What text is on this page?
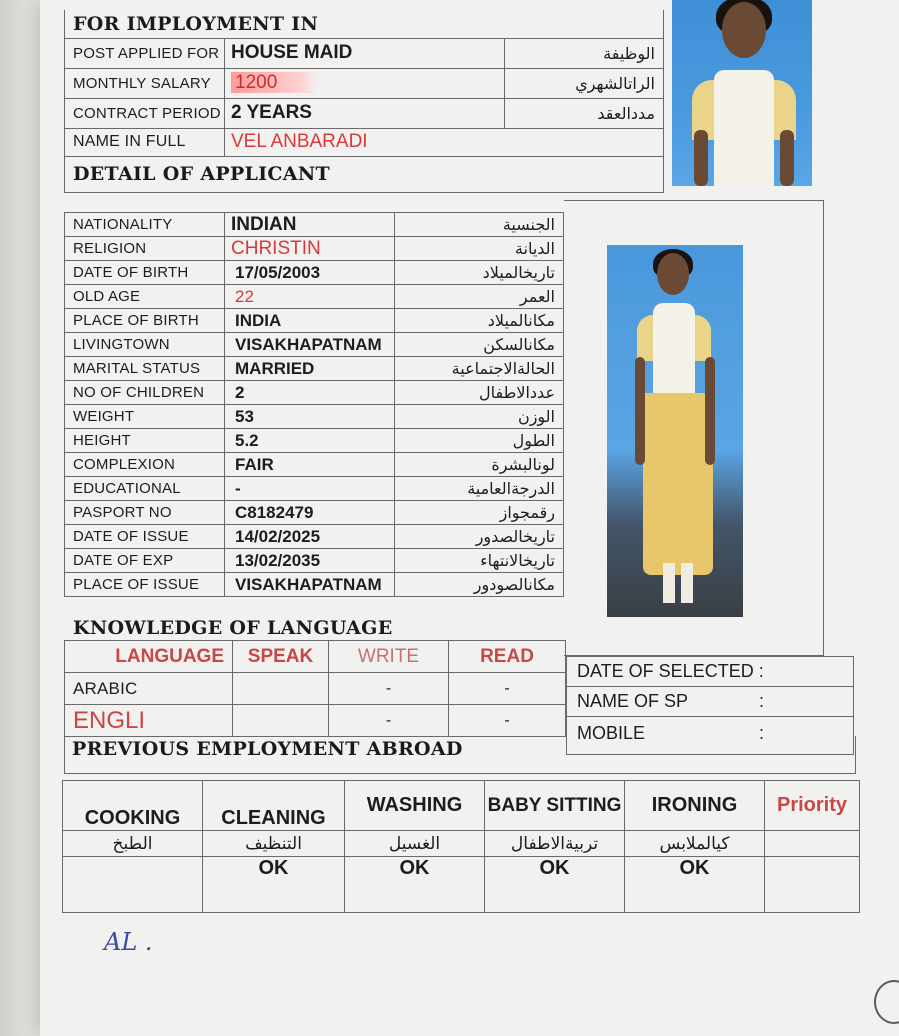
FOR IMPLOYMENT IN		
POST APPLIED FOR	HOUSE MAID	الوظيفة
MONTHLY SALARY	1200	الراتالشهري
CONTRACT PERIOD	2 YEARS	مددالعقد
NAME IN FULL	VEL ANBARADI	
DETAIL OF APPLICANT		
NATIONALITY	INDIAN	الجنسية
RELIGION	CHRISTIN	الديانة
DATE OF BIRTH	17/05/2003	تاريخالميلاد
OLD AGE	22	العمر
PLACE OF BIRTH	INDIA	مكانالميلاد
LIVINGTOWN	VISAKHAPATNAM	مكانالسكن
MARITAL STATUS	MARRIED	الحالةالاجتماعية
NO OF CHILDREN	2	عددالاطفال
WEIGHT	53	الوزن
HEIGHT	5.2	الطول
COMPLEXION	FAIR	لونالبشرة
EDUCATIONAL	-	الدرجةالعامية
PASPORT NO	C8182479	رقمجواز
DATE OF ISSUE	14/02/2025	تاريخالصدور
DATE OF EXP	13/02/2035	تاريخالانتهاء
PLACE OF ISSUE	VISAKHAPATNAM	مكانالصودور
KNOWLEDGE OF LANGUAGE
LANGUAGE	SPEAK	WRITE	READ
ARABIC		-	-
ENGLI		-	-
DATE OF SELECTED :
NAME OF SP	:

MOBILE	:
PREVIOUS EMPLOYMENT ABROAD
COOKING	CLEANING	WASHING	BABY SITTING	IRONING	Priority
الطبخ	التنظيف	الغسيل	تربيةالاطفال	كيالملابس	
	OK	OK	OK	OK	
AL .
